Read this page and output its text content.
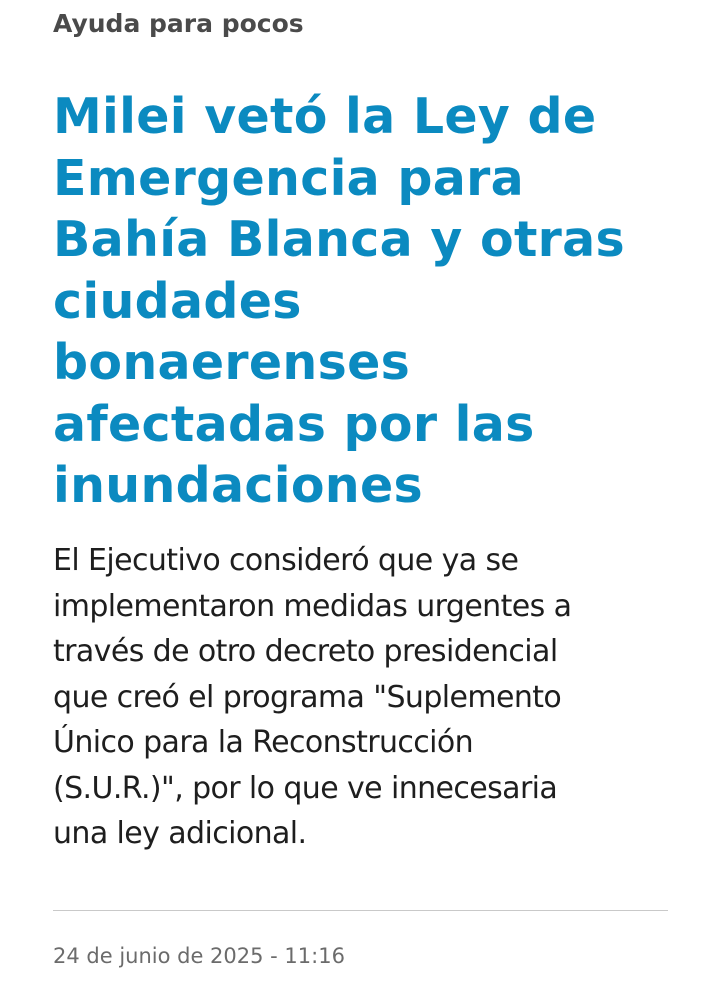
Ayuda para pocos
Milei vetó la Ley de
Emergencia para
Bahía Blanca y otras
ciudades
bonaerenses
afectadas por las
inundaciones

El Ejecutivo consideró que ya se
implementaron medidas urgentes a
través de otro decreto presidencial
que creó el programa "Suplemento
Único para la Reconstrucción
(S.U.R.)", por lo que ve innecesaria
una ley adicional.

24 de junio de 2025 - 11:16
